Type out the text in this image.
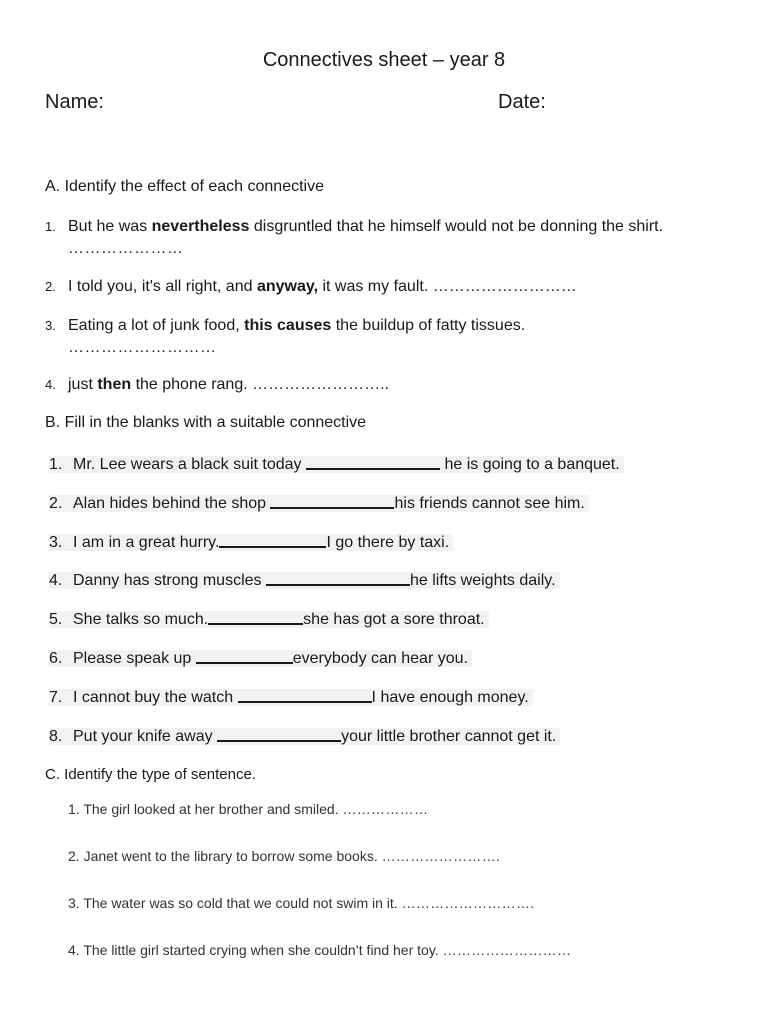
Connectives sheet – year 8
Name:	Date:
A. Identify the effect of each connective
1. But he was nevertheless disgruntled that he himself would not be donning the shirt.
…………………
2. I told you, it's all right, and anyway, it was my fault. ………………………
3. Eating a lot of junk food, this causes the buildup of fatty tissues.
………………………
4. just then the phone rang. ……………………..
B. Fill in the blanks with a suitable connective
1. Mr. Lee wears a black suit today	he is going to a banquet.
2. Alan hides behind the shop	his friends cannot see him.
3. I am in a great hurry.	I go there by taxi.
4. Danny has strong muscles	he lifts weights daily.
5. She talks so much.	she has got a sore throat.
6. Please speak up	everybody can hear you.
7. I cannot buy the watch	I have enough money.
8. Put your knife away	your little brother cannot get it.
C. Identify the type of sentence.
1. The girl looked at her brother and smiled. ………………
2. Janet went to the library to borrow some books. …………………….
3. The water was so cold that we could not swim in it. ……………………….
4. The little girl started crying when she couldn’t find her toy. ………………………
